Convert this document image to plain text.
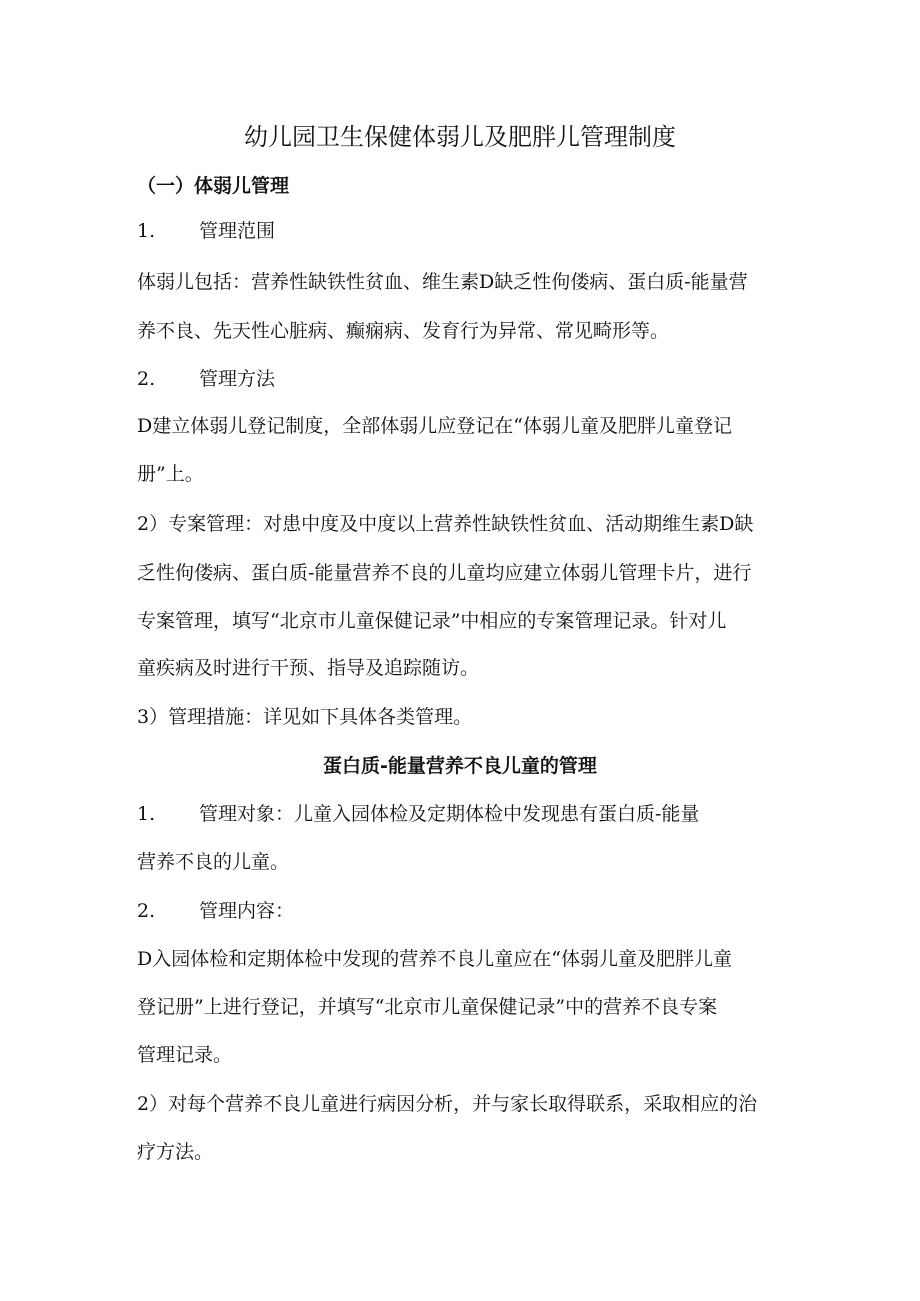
幼儿园卫生保健体弱儿及肥胖儿管理制度
（一）体弱儿管理
1. 管理范围
体弱儿包括：营养性缺铁性贫血、维生素D缺乏性佝偻病、蛋白质-能量营
养不良、先天性心脏病、癫痫病、发育行为异常、常见畸形等。
2. 管理方法
D建立体弱儿登记制度，全部体弱儿应登记在“体弱儿童及肥胖儿童登记
册”上。
2）专案管理：对患中度及中度以上营养性缺铁性贫血、活动期维生素D缺
乏性佝偻病、蛋白质-能量营养不良的儿童均应建立体弱儿管理卡片，进行
专案管理，填写“北京市儿童保健记录”中相应的专案管理记录。针对儿
童疾病及时进行干预、指导及追踪随访。
3）管理措施：详见如下具体各类管理。
蛋白质-能量营养不良儿童的管理
1. 管理对象：儿童入园体检及定期体检中发现患有蛋白质-能量
营养不良的儿童。
2. 管理内容：
D入园体检和定期体检中发现的营养不良儿童应在“体弱儿童及肥胖儿童
登记册”上进行登记，并填写“北京市儿童保健记录”中的营养不良专案
管理记录。
2）对每个营养不良儿童进行病因分析，并与家长取得联系，采取相应的治
疗方法。
